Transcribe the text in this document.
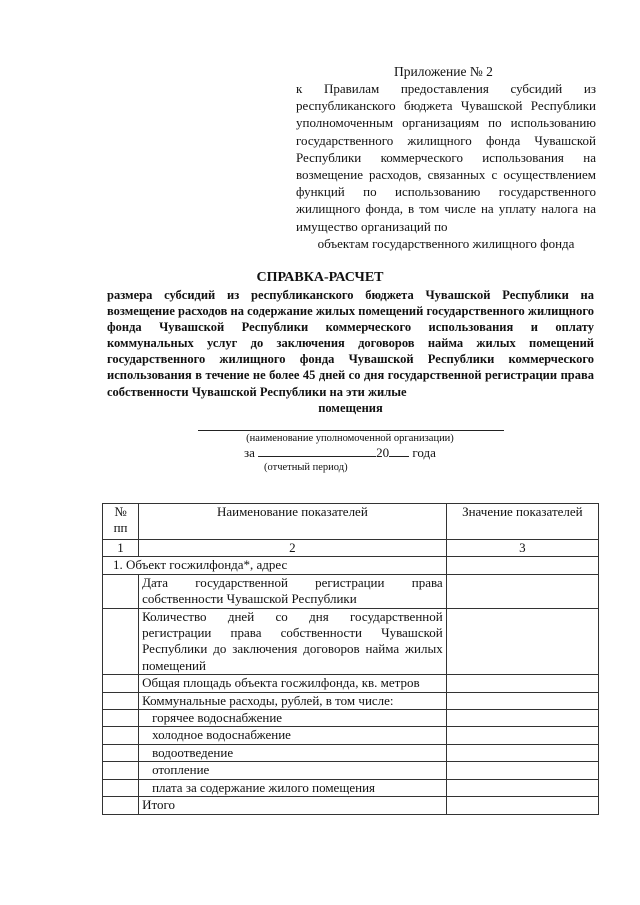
Приложение № 2
к Правилам предоставления субсидий из республиканского бюджета Чувашской Республики уполномоченным организациям по использованию государственного жилищного фонда Чувашской Республики коммерческого использования на возмещение расходов, связанных с осуществлением функций по использованию государственного жилищного фонда, в том числе на уплату налога на имущество организаций по
объектам государственного жилищного фонда
СПРАВКА-РАСЧЕТ
размера субсидий из республиканского бюджета Чувашской Республики на возмещение расходов на содержание жилых помещений государственного жилищного фонда Чувашской Республики коммерческого использования и оплату коммунальных услуг до заключения договоров найма жилых помещений государственного жилищного фонда Чувашской Республики коммерческого использования в течение не более 45 дней со дня государственной регистрации права собственности Чувашской Республики на эти жилые
помещения
(наименование уполномоченной организации)
за	20 года
(отчетный период)
№ пп	Наименование показателей	Значение показателей
1	2	3
1. Объект госжилфонда*, адрес		

	Дата государственной регистрации права собственности Чувашской Республики	

	Количество дней со дня государственной регистрации права собственности Чувашской Республики до заключения договоров найма жилых помещений	

	Общая площадь объекта госжилфонда, кв. метров	

	Коммунальные расходы, рублей, в том числе:	
	горячее водоснабжение	
	холодное водоснабжение	
	водоотведение	
	отопление	
	плата за содержание жилого помещения	
	Итого	
